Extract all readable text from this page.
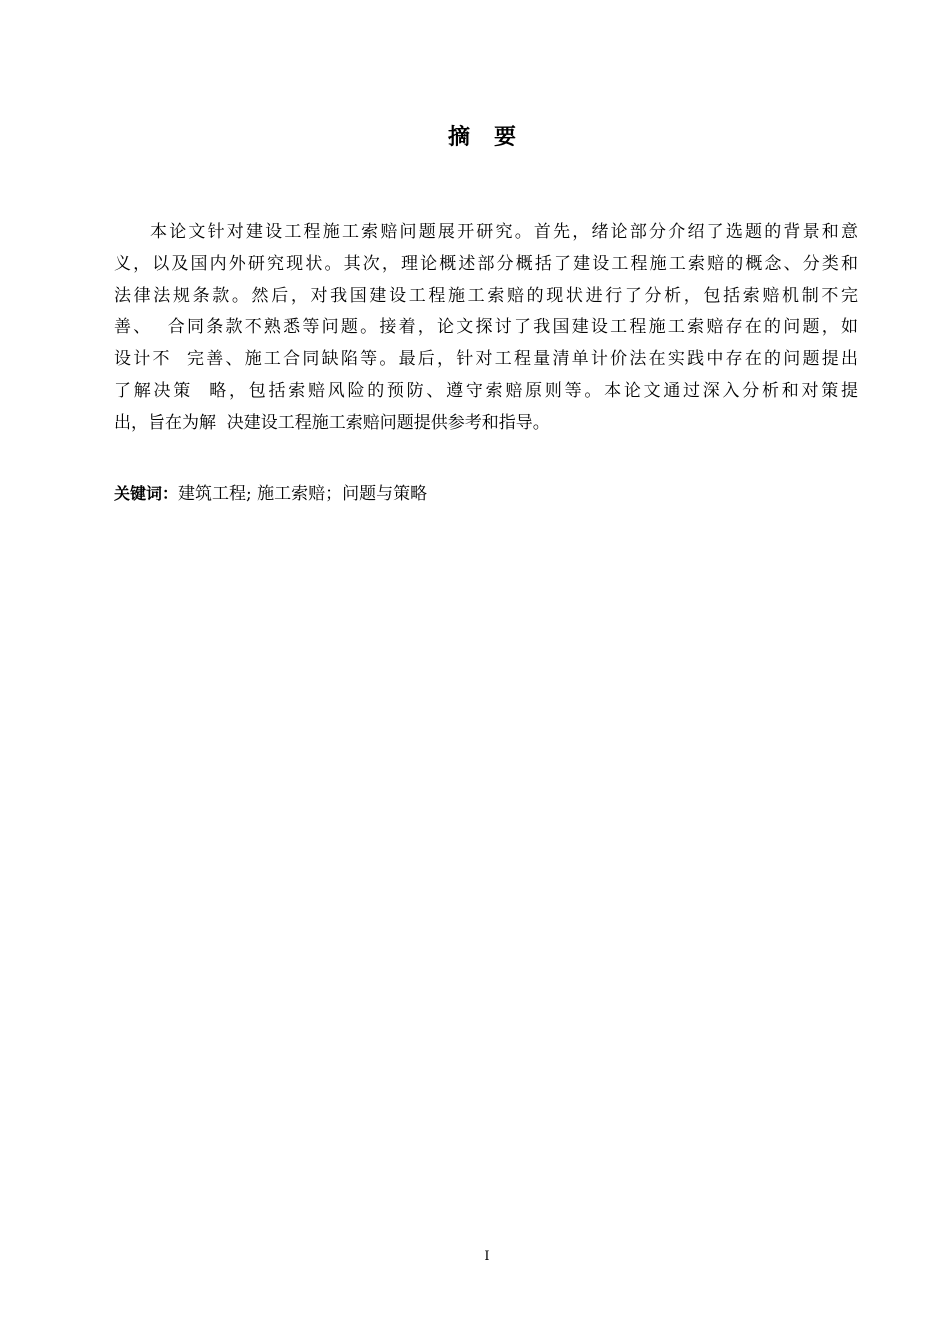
摘 要
本论文针对建设工程施工索赔问题展开研究。首先，绪论部分介绍了选题的背景和意
义，以及国内外研究现状。其次，理论概述部分概括了建设工程施工索赔的概念、分类和
法律法规条款。然后，对我国建设工程施工索赔的现状进行了分析，包括索赔机制不完
善、  合同条款不熟悉等问题。接着，论文探讨了我国建设工程施工索赔存在的问题，如
设计不  完善、施工合同缺陷等。最后，针对工程量清单计价法在实践中存在的问题提出
了解决策  略，包括索赔风险的预防、遵守索赔原则等。本论文通过深入分析和对策提
出，旨在为解  决建设工程施工索赔问题提供参考和指导。
关键词：建筑工程; 施工索赔；问题与策略
I
